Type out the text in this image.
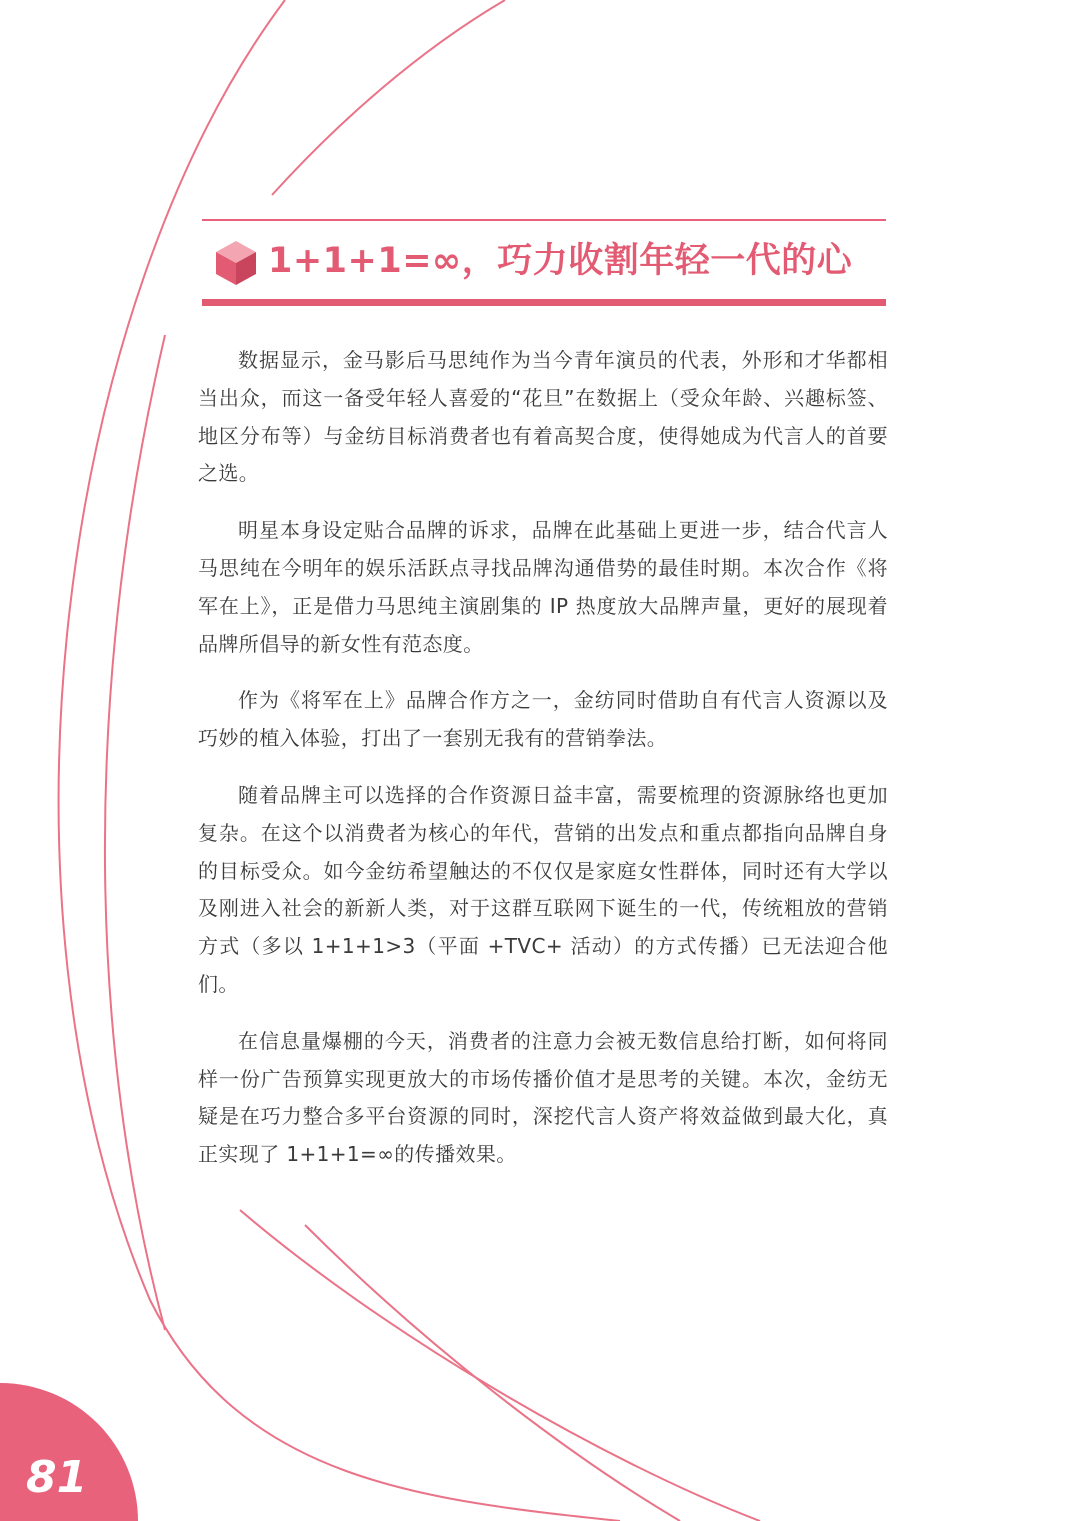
1+1+1=∞，巧力收割年轻一代的心

数据显示，金马影后马思纯作为当今青年演员的代表，外形和才华都相当出众，而这一备受年轻人喜爱的“花旦”在数据上（受众年龄、兴趣标签、地区分布等）与金纺目标消费者也有着高契合度，使得她成为代言人的首要之选。

明星本身设定贴合品牌的诉求，品牌在此基础上更进一步，结合代言人马思纯在今明年的娱乐活跃点寻找品牌沟通借势的最佳时期。本次合作《将军在上》，正是借力马思纯主演剧集的 IP 热度放大品牌声量，更好的展现着品牌所倡导的新女性有范态度。

作为《将军在上》品牌合作方之一，金纺同时借助自有代言人资源以及巧妙的植入体验，打出了一套别无我有的营销拳法。

随着品牌主可以选择的合作资源日益丰富，需要梳理的资源脉络也更加复杂。在这个以消费者为核心的年代，营销的出发点和重点都指向品牌自身的目标受众。如今金纺希望触达的不仅仅是家庭女性群体，同时还有大学以及刚进入社会的新新人类，对于这群互联网下诞生的一代，传统粗放的营销方式（多以 1+1+1>3（平面 +TVC+ 活动）的方式传播）已无法迎合他们。

在信息量爆棚的今天，消费者的注意力会被无数信息给打断，如何将同样一份广告预算实现更放大的市场传播价值才是思考的关键。本次，金纺无疑是在巧力整合多平台资源的同时，深挖代言人资产将效益做到最大化，真正实现了 1+1+1=∞的传播效果。

81
